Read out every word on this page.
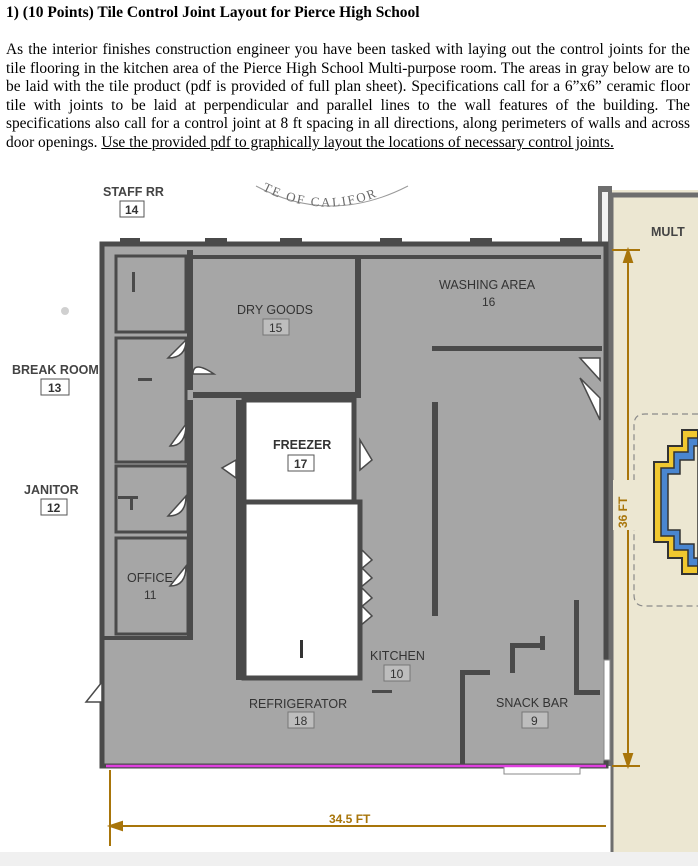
1) (10 Points) Tile Control Joint Layout for Pierce High School
As the interior finishes construction engineer you have been tasked with laying out the control joints for the tile flooring in the kitchen area of the Pierce High School Multi-purpose room. The areas in gray below are to be laid with the tile product (pdf is provided of full plan sheet). Specifications call for a 6”x6” ceramic floor tile with joints to be laid at perpendicular and parallel lines to the wall features of the building. The specifications also call for a control joint at 8 ft spacing in all directions, along perimeters of walls and across door openings. Use the provided pdf to graphically layout the locations of necessary control joints.
36 FT
34.5 FT
TE OF CALIFOR
STAFF RR
BREAK ROOM
JANITOR
OFFICE
DRY GOODS
FREEZER
WASHING AREA
KITCHEN
REFRIGERATOR	SNACK BAR
MULT
14
13
12
11
15
17
16
10
18	9
